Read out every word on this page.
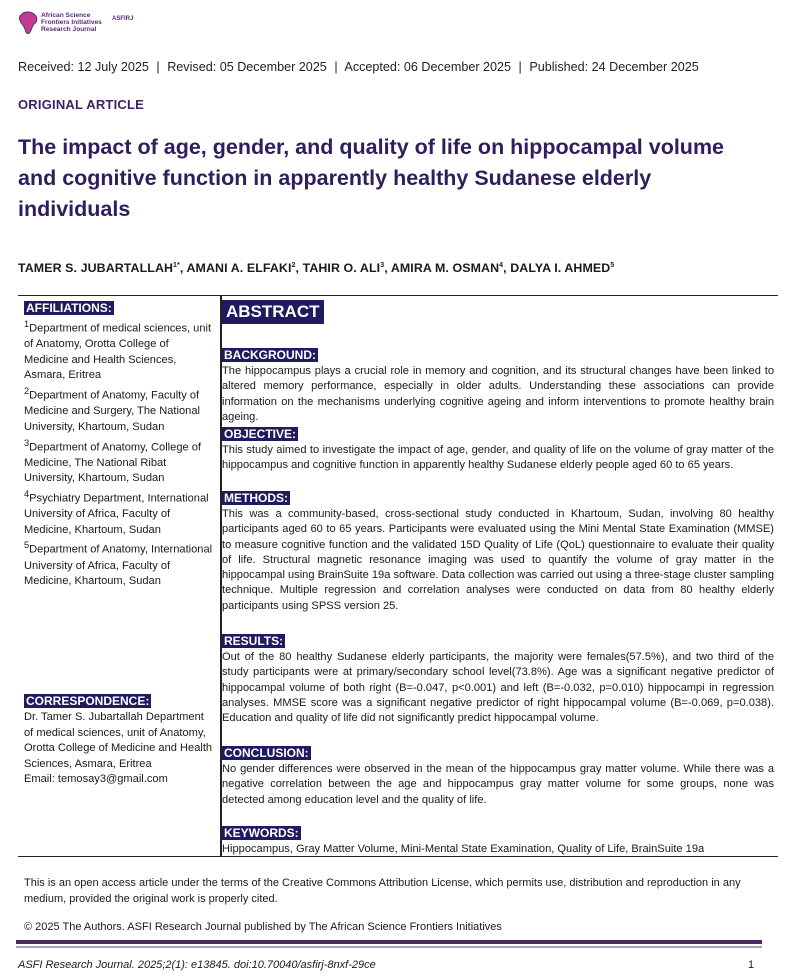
African Science
Frontiers Initiatives
Research Journal
ASFIRJ
Received: 12 July 2025 | Revised: 05 December 2025 | Accepted: 06 December 2025 | Published: 24 December 2025
ORIGINAL ARTICLE
The impact of age, gender, and quality of life on hippocampal volume and cognitive function in apparently healthy Sudanese elderly individuals
TAMER S. $JUBARTALLAH^{1*}$, AMANI A. ELFAKI$^2$, TAHIR O. ALI$^3$, AMIRA M. OSMAN$^4$, DALYA I. AHMED$^5$
AFFILIATIONS:
$^1$Department of medical sciences, unit of Anatomy, Orotta College of Medicine and Health Sciences, Asmara, Eritrea
$^2$Department of Anatomy, Faculty of Medicine and Surgery, The National University, Khartoum, Sudan
$^3$Department of Anatomy, College of Medicine, The National Ribat University, Khartoum, Sudan
$^4$Psychiatry Department, International University of Africa, Faculty of Medicine, Khartoum, Sudan
$^5$Department of Anatomy, International University of Africa, Faculty of Medicine, Khartoum, Sudan
CORRESPONDENCE:
Dr. Tamer S. Jubartallah Department of medical sciences, unit of Anatomy, Orotta College of Medicine and Health Sciences, Asmara, Eritrea
Email: temosay3@gmail.com
ABSTRACT
BACKGROUND:

The hippocampus plays a crucial role in memory and cognition, and its structural changes have been linked to altered memory performance, especially in older adults. Understanding these associations can provide information on the mechanisms underlying cognitive ageing and inform interventions to promote healthy brain ageing.

OBJECTIVE:

This study aimed to investigate the impact of age, gender, and quality of life on the volume of gray matter of the hippocampus and cognitive function in apparently healthy Sudanese elderly people aged 60 to 65 years.

METHODS:

This was a community-based, cross-sectional study conducted in Khartoum, Sudan, involving 80 healthy participants aged 60 to 65 years. Participants were evaluated using the Mini Mental State Examination (MMSE) to measure cognitive function and the validated 15D Quality of Life (QoL) questionnaire to evaluate their quality of life. Structural magnetic resonance imaging was used to quantify the volume of gray matter in the hippocampal using BrainSuite 19a software. Data collection was carried out using a three-stage cluster sampling technique. Multiple regression and correlation analyses were conducted on data from 80 healthy elderly participants using SPSS version 25.

RESULTS:

Out of the 80 healthy Sudanese elderly participants, the majority were females(57.5%), and two third of the study participants were at primary/secondary school level(73.8%). Age was a significant negative predictor of hippocampal volume of both right (B=-0.047, p<0.001) and left (B=-0.032, p=0.010) hippocampi in regression analyses. MMSE score was a significant negative predictor of right hippocampal volume (B=-0.069, p=0.038). Education and quality of life did not significantly predict hippocampal volume.

CONCLUSION:

No gender differences were observed in the mean of the hippocampus gray matter volume. While there was a negative correlation between the age and hippocampus gray matter volume for some groups, none was detected among education level and the quality of life.

KEYWORDS:

Hippocampus, Gray Matter Volume, Mini-Mental State Examination, Quality of Life, BrainSuite 19a

This is an open access article under the terms of the Creative Commons Attribution License, which permits use, distribution and reproduction in any medium, provided the original work is properly cited.
© 2025 The Authors. ASFI Research Journal published by The African Science Frontiers Initiatives
ASFI Research Journal. 2025;2(1): e13845. doi:10.70040/asfirj-8nxf-29ce	1
